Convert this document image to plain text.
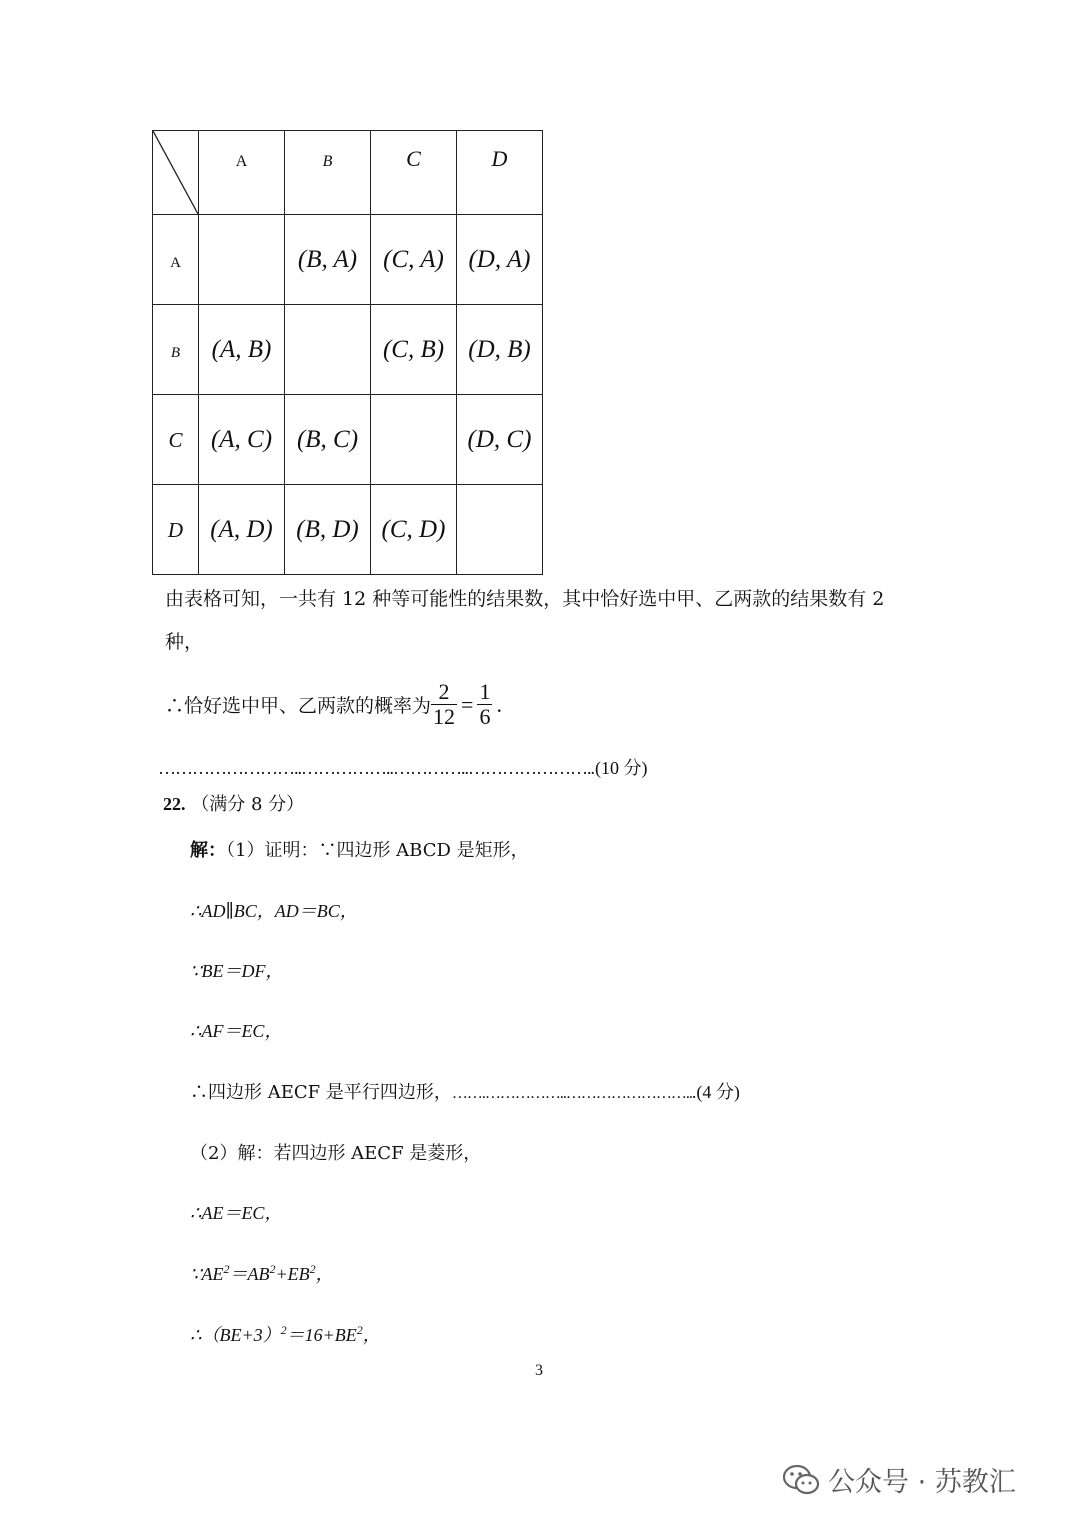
	$^A$	$^B$	C	D
A		(B, A)	(C, A)	(D, A)
B	(A, B)		(C, B)	(D, B)
C	(A, C)	(B, C)		(D, C)
D	(A, D)	(B, D)	(C, D)	
由表格可知，一共有 12 种等可能性的结果数，其中恰好选中甲、乙两款的结果数有 2
种，
∴恰好选中甲、乙两款的概率为 $\frac{2}{12} = \frac{1}{6}$ .
……………………..……………..…………..…………………..(10 分)
22. （满分 8 分）
解：（1）证明：∵四边形 ABCD 是矩形，
∴AD∥BC，AD＝BC，
∵BE＝DF，
∴AF＝EC，
∴四边形 AECF 是平行四边形，…….……………..……………………...(4 分)
（2）解：若四边形 AECF 是菱形，
∴AE＝EC，
$\because AE^2=AB^2+EB^2$，
$\therefore(BE+3)^2=16+BE^2$，
3
公众号 · 苏教汇
